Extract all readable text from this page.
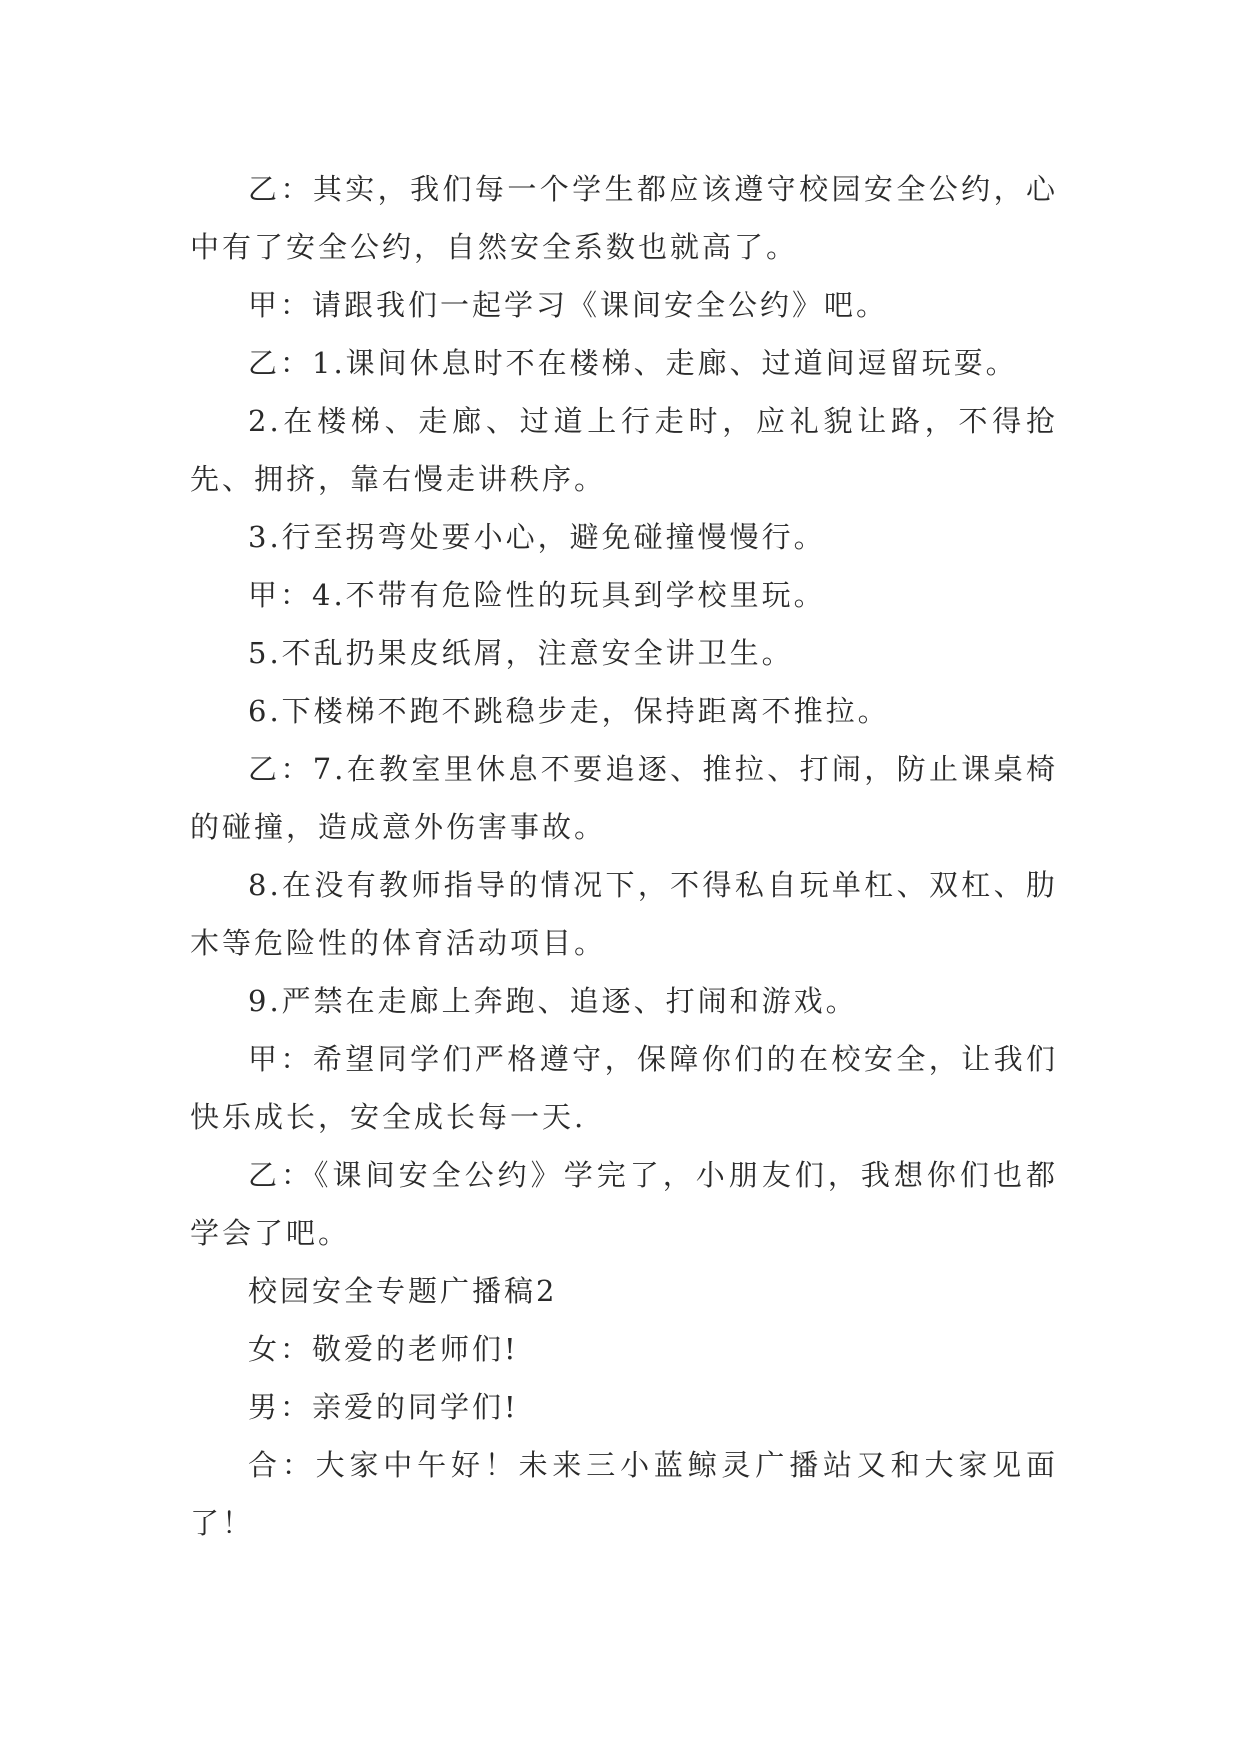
乙：其实，我们每一个学生都应该遵守校园安全公约，心中有了安全公约，自然安全系数也就高了。

甲：请跟我们一起学习《课间安全公约》吧。

乙：1.课间休息时不在楼梯、走廊、过道间逗留玩耍。

2.在楼梯、走廊、过道上行走时，应礼貌让路，不得抢先、拥挤，靠右慢走讲秩序。

3.行至拐弯处要小心，避免碰撞慢慢行。

甲：4.不带有危险性的玩具到学校里玩。

5.不乱扔果皮纸屑，注意安全讲卫生。

6.下楼梯不跑不跳稳步走，保持距离不推拉。

乙：7.在教室里休息不要追逐、推拉、打闹，防止课桌椅的碰撞，造成意外伤害事故。

8.在没有教师指导的情况下，不得私自玩单杠、双杠、肋木等危险性的体育活动项目。

9.严禁在走廊上奔跑、追逐、打闹和游戏。

甲：希望同学们严格遵守，保障你们的在校安全，让我们快乐成长，安全成长每一天.

乙：《课间安全公约》学完了，小朋友们，我想你们也都学会了吧。

校园安全专题广播稿2

女：敬爱的老师们!

男：亲爱的同学们!

合：大家中午好！未来三小蓝鲸灵广播站又和大家见面了！
